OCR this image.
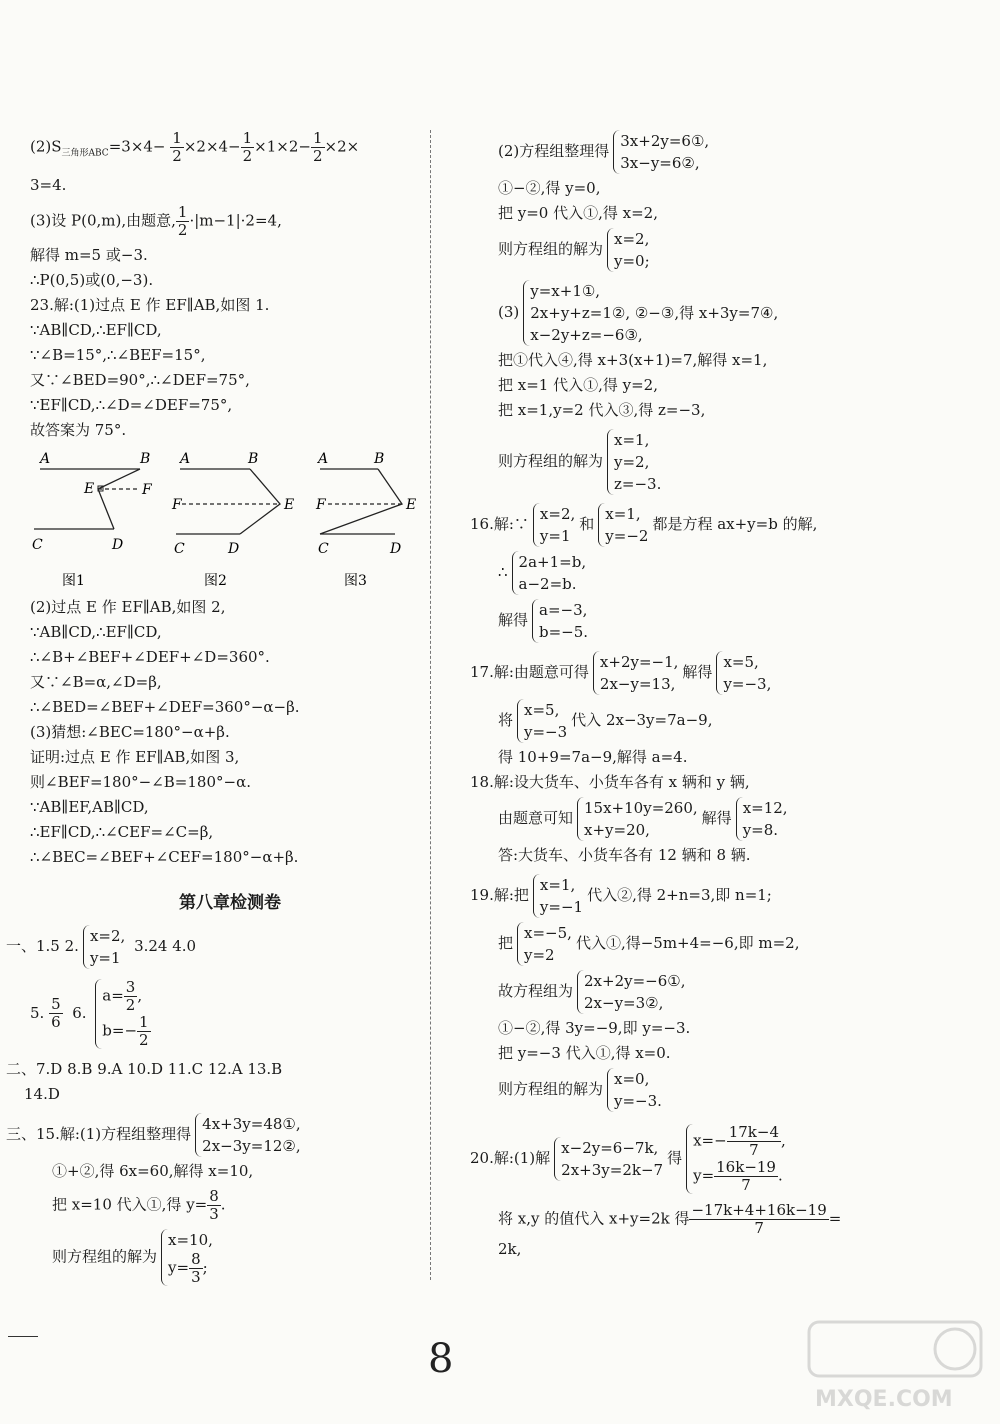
$(2)S_{三角形ABC}=3\times 4- \frac{1}{2} \times 2\times 4- \frac{1}{2} \times 1\times 2- \frac{1}{2} \times 2\times$
3=4.
(3)设 P(0,m),由题意, $\frac{1}{2} \cdot|m-1|\cdot 2=4$,
解得 m=5 或−3.
∴P(0,5)或(0,−3).
23.解:(1)过点 E 作 EF∥AB,如图 1.
∵AB∥CD,∴EF∥CD,
∵∠B=15°,∴∠BEF=15°,
又∵∠BED=90°,∴∠DEF=75°,
∵EF∥CD,∴∠D=∠DEF=75°,
故答案为 75°.
A	B
E	F
C	D
图1
A	B
F	E
C	D
图2
A	B
F	E
C	D
图3
(2)过点 E 作 EF∥AB,如图 2,
∵AB∥CD,∴EF∥CD,
∴∠B+∠BEF+∠DEF+∠D=360°.
又∵∠B=α,∠D=β,
∴∠BED=∠BEF+∠DEF=360°−α−β.
(3)猜想:∠BEC=180°−α+β.
证明:过点 E 作 EF∥AB,如图 3,
则∠BEF=180°−∠B=180°−α.
∵AB∥EF,AB∥CD,
∴EF∥CD,∴∠CEF=∠C=β,
∴∠BEC=∠BEF+∠CEF=180°−α+β.
第八章检测卷
一、1.5 2.
x=2,
y=1
3.24 4.0
5. $\frac{5}{6} 6$.
$a= \frac{3}{2}$ ,
$b=- \frac{1}{2}$
二、7.D 8.B 9.A 10.D 11.C 12.A 13.B
14.D
三、15.解:(1)方程组整理得
4x+3y=48①,
2x−3y=12②,
①+②,得 6x=60,解得 x=10,
把 x=10 代入①,得 $y= \frac{8}{3}$ .
则方程组的解为
x=10,
$y= \frac{8}{3}$ ;
(2)方程组整理得
3x+2y=6①,
3x−y=6②,
①−②,得 y=0,
把 y=0 代入①,得 x=2,
则方程组的解为
x=2,
y=0;
(3)
y=x+1①,
2x+y+z=1②, ②−③,得 x+3y=7④,
x−2y+z=−6③,
把①代入④,得 x+3(x+1)=7,解得 x=1,
把 x=1 代入①,得 y=2,
把 x=1,y=2 代入③,得 z=−3,
则方程组的解为
x=1,
y=2,
z=−3.
16.解:∵
x=2,
y=1
和
x=1,
y=−2
都是方程 ax+y=b 的解,
∴
2a+1=b,
a−2=b.
解得
a=−3,
b=−5.
17.解:由题意可得
x+2y=−1,
2x−y=13,
解得
x=5,
y=−3,
将
x=5,
y=−3
代入 2x−3y=7a−9,
得 10+9=7a−9,解得 a=4.
18.解:设大货车、小货车各有 x 辆和 y 辆,
由题意可知
15x+10y=260,
x+y=20,
解得
x=12,
y=8.
答:大货车、小货车各有 12 辆和 8 辆.
19.解:把
x=1,
y=−1
代入②,得 2+n=3,即 n=1;
把
x=−5,
y=2
代入①,得−5m+4=−6,即 m=2,
故方程组为
2x+2y=−6①,
2x−y=3②,
①−②,得 3y=−9,即 y=−3.
把 y=−3 代入①,得 x=0.
则方程组的解为
x=0,
y=−3.
20.解:(1)解
x−2y=6−7k,
2x+3y=2k−7
得
$x=- \frac{17k-4}{7}$ ,
$y= \frac{16k-19}{7}$ .
将 x,y 的值代入 x+y=2k 得 $\frac{-17k+4+16k-19}{7}$ =
2k,
8
MXQE.COM
